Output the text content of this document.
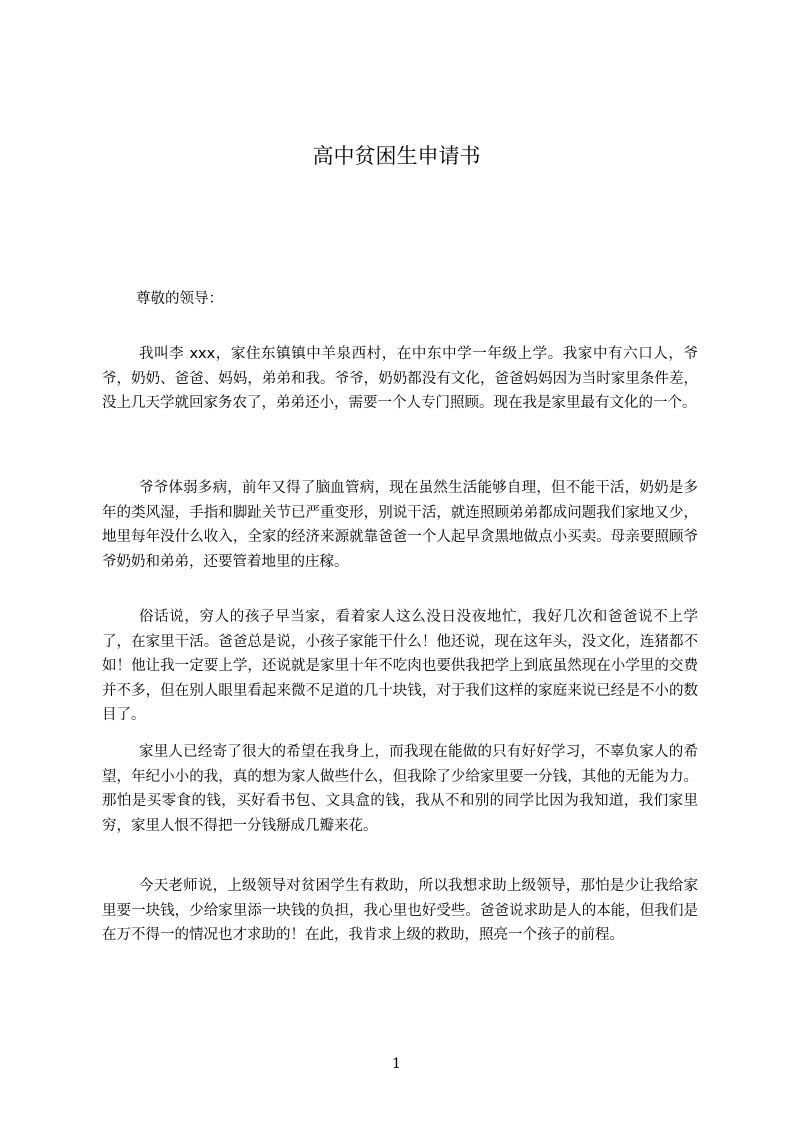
高中贫困生申请书

尊敬的领导：

我叫李 xxx，家住东镇镇中羊泉西村，在中东中学一年级上学。我家中有六口人，爷爷，奶奶、爸爸、妈妈，弟弟和我。爷爷，奶奶都没有文化，爸爸妈妈因为当时家里条件差，没上几天学就回家务农了，弟弟还小，需要一个人专门照顾。现在我是家里最有文化的一个。

爷爷体弱多病，前年又得了脑血管病，现在虽然生活能够自理，但不能干活，奶奶是多年的类风湿，手指和脚趾关节已严重变形，别说干活，就连照顾弟弟都成问题我们家地又少，地里每年没什么收入，全家的经济来源就靠爸爸一个人起早贪黑地做点小买卖。母亲要照顾爷爷奶奶和弟弟，还要管着地里的庄稼。

俗话说，穷人的孩子早当家，看着家人这么没日没夜地忙，我好几次和爸爸说不上学了，在家里干活。爸爸总是说，小孩子家能干什么！他还说，现在这年头，没文化，连猪都不如！他让我一定要上学，还说就是家里十年不吃肉也要供我把学上到底虽然现在小学里的交费并不多，但在别人眼里看起来微不足道的几十块钱，对于我们这样的家庭来说已经是不小的数目了。

家里人已经寄了很大的希望在我身上，而我现在能做的只有好好学习，不辜负家人的希望，年纪小小的我，真的想为家人做些什么，但我除了少给家里要一分钱，其他的无能为力。那怕是买零食的钱，买好看书包、文具盒的钱，我从不和别的同学比因为我知道，我们家里穷，家里人恨不得把一分钱掰成几瓣来花。

今天老师说，上级领导对贫困学生有救助，所以我想求助上级领导，那怕是少让我给家里要一块钱，少给家里添一块钱的负担，我心里也好受些。爸爸说求助是人的本能，但我们是在万不得一的情况也才求助的！在此，我肯求上级的救助，照亮一个孩子的前程。

1
